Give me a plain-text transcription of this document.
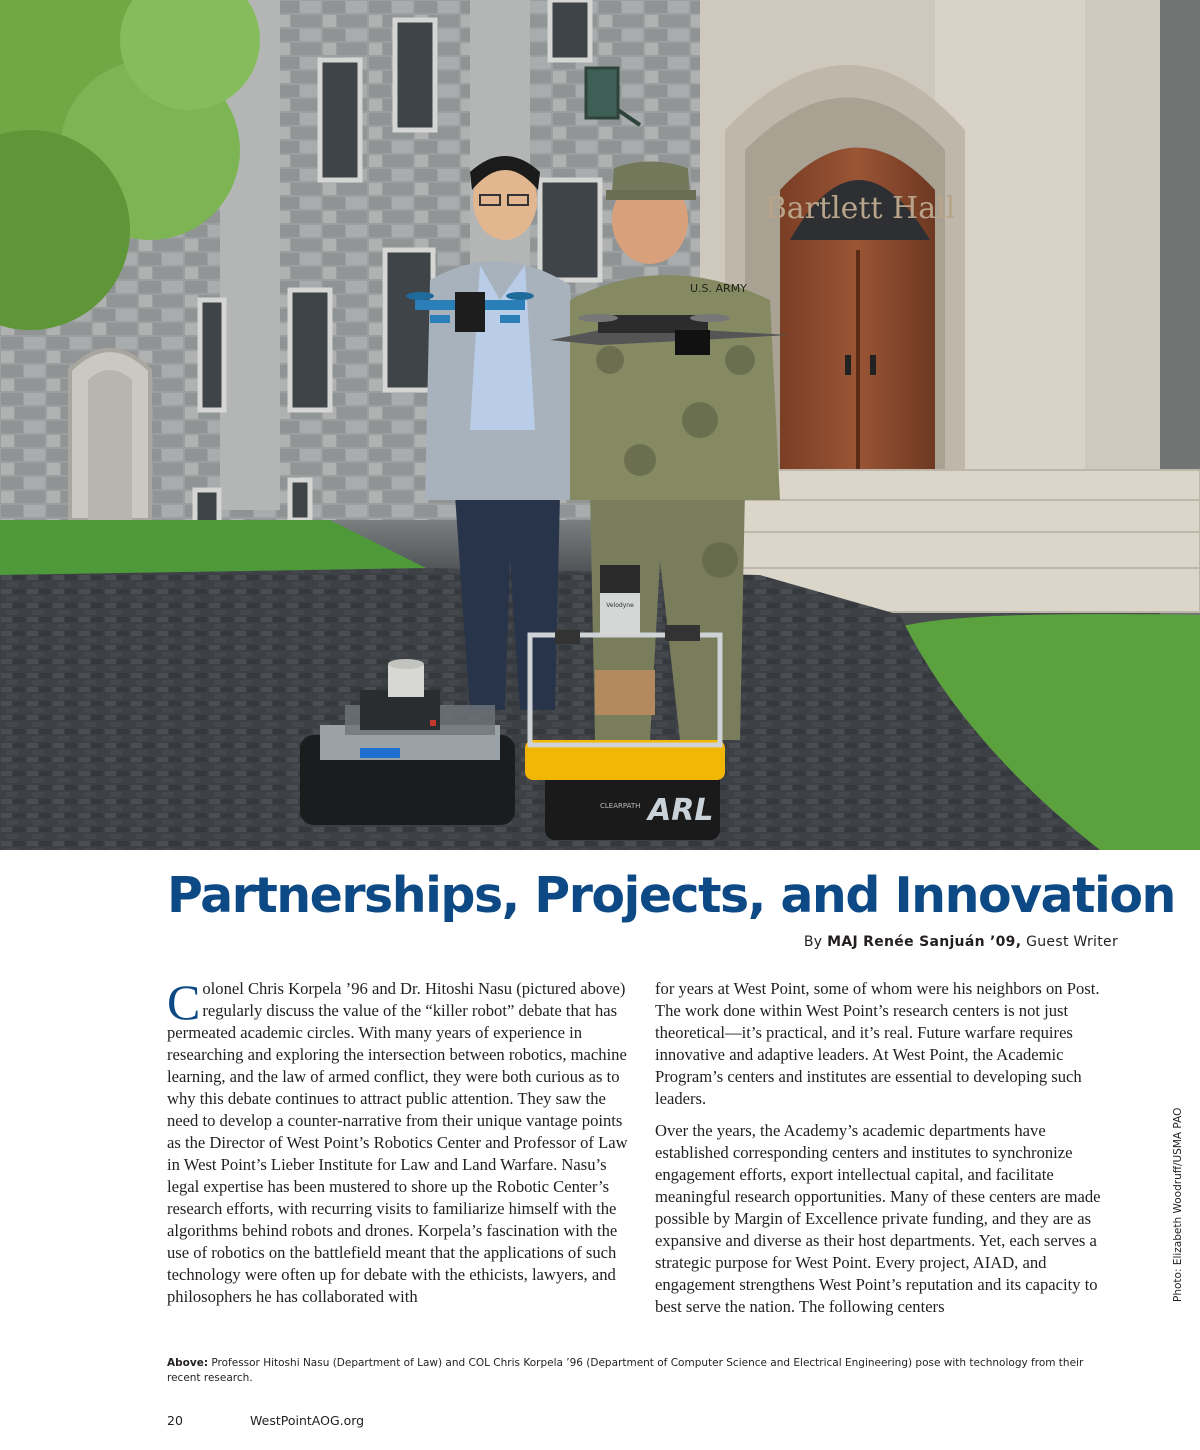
Bartlett Hall
U.S. ARMY
Velodyne
CLEARPATH ARL
Partnerships, Projects, and Innovation
By MAJ Renée Sanjuán ’09, Guest Writer

Colonel Chris Korpela ’96 and Dr. Hitoshi Nasu (pictured above) regularly discuss the value of the “killer robot” debate that has permeated academic circles. With many years of experience in researching and exploring the intersection between robotics, machine learning, and the law of armed conflict, they were both curious as to why this debate continues to attract public attention. They saw the need to develop a counter-narrative from their unique vantage points as the Director of West Point’s Robotics Center and Professor of Law in West Point’s Lieber Institute for Law and Land Warfare. Nasu’s legal expertise has been mustered to shore up the Robotic Center’s research efforts, with recurring visits to familiarize himself with the algorithms behind robots and drones. Korpela’s fascination with the use of robotics on the battlefield meant that the applications of such technology were often up for debate with the ethicists, lawyers, and philosophers he has collaborated with

for years at West Point, some of whom were his neighbors on Post. The work done within West Point’s research centers is not just theoretical—it’s practical, and it’s real. Future warfare requires innovative and adaptive leaders. At West Point, the Academic Program’s centers and institutes are essential to developing such leaders.

Over the years, the Academy’s academic departments have established corresponding centers and institutes to synchronize engagement efforts, export intellectual capital, and facilitate meaningful research opportunities. Many of these centers are made possible by Margin of Excellence private funding, and they are as expansive and diverse as their host departments. Yet, each serves a strategic purpose for West Point. Every project, AIAD, and engagement strengthens West Point’s reputation and its capacity to best serve the nation. The following centers

Above: Professor Hitoshi Nasu (Department of Law) and COL Chris Korpela ’96 (Department of Computer Science and Electrical Engineering) pose with technology from their recent research.
Photo: Elizabeth Woodruff/USMA PAO
20	WestPointAOG.org
